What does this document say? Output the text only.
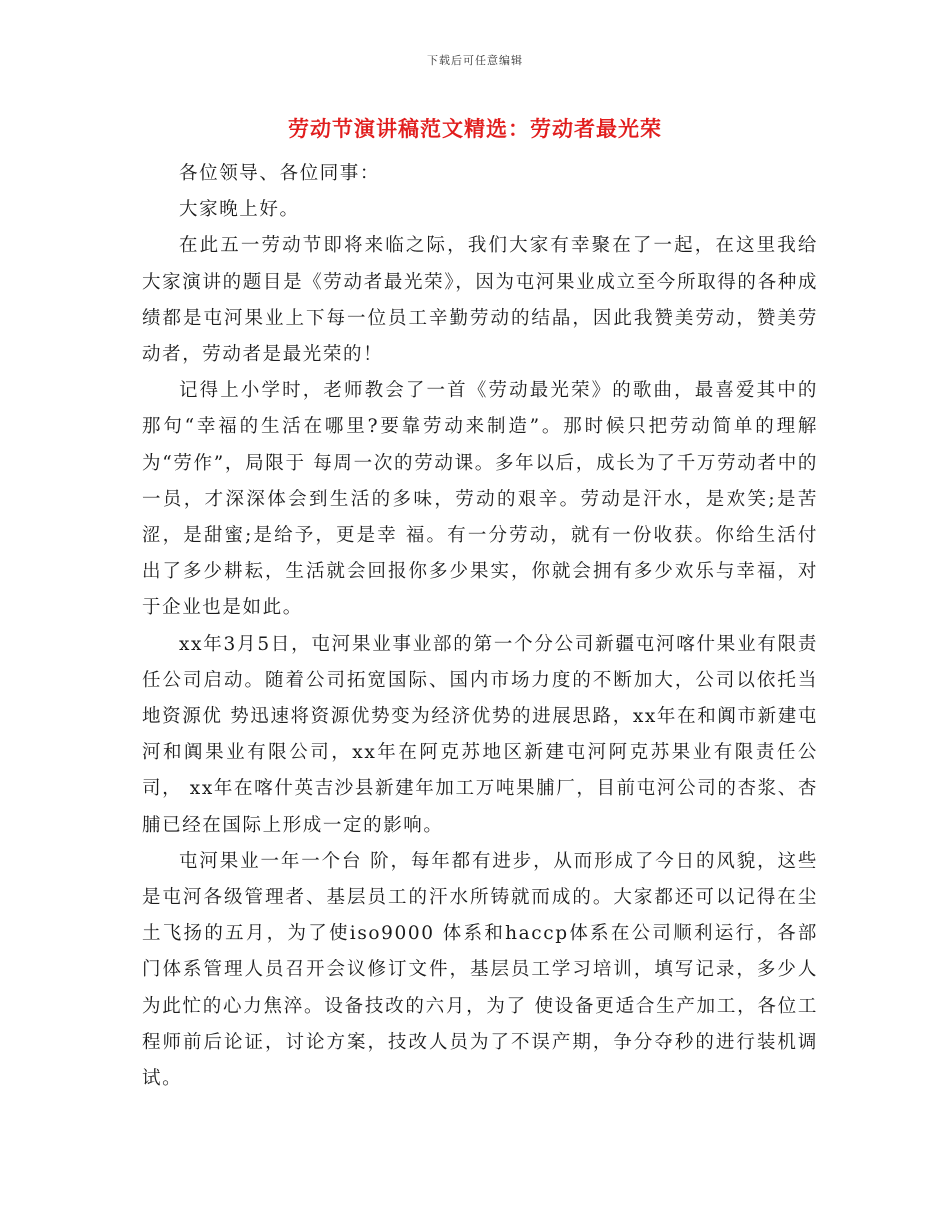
下载后可任意编辑
劳动节演讲稿范文精选：劳动者最光荣

各位领导、各位同事：

大家晚上好。

在此五一劳动节即将来临之际，我们大家有幸聚在了一起，在这里我给大家演讲的题目是《劳动者最光荣》，因为屯河果业成立至今所取得的各种成绩都是屯河果业上下每一位员工辛勤劳动的结晶，因此我赞美劳动，赞美劳动者，劳动者是最光荣的！

记得上小学时，老师教会了一首《劳动最光荣》的歌曲，最喜爱其中的那句“幸福的生活在哪里?要靠劳动来制造”。那时候只把劳动简单的理解为“劳作”，局限于 每周一次的劳动课。多年以后，成长为了千万劳动者中的一员，才深深体会到生活的多味，劳动的艰辛。劳动是汗水，是欢笑;是苦涩，是甜蜜;是给予，更是幸 福。有一分劳动，就有一份收获。你给生活付出了多少耕耘，生活就会回报你多少果实，你就会拥有多少欢乐与幸福，对于企业也是如此。

xx年3月5日，屯河果业事业部的第一个分公司新疆屯河喀什果业有限责任公司启动。随着公司拓宽国际、国内市场力度的不断加大，公司以依托当地资源优 势迅速将资源优势变为经济优势的进展思路，xx年在和阗市新建屯河和阗果业有限公司，xx年在阿克苏地区新建屯河阿克苏果业有限责任公司， xx年在喀什英吉沙县新建年加工万吨果脯厂，目前屯河公司的杏浆、杏脯已经在国际上形成一定的影响。

屯河果业一年一个台 阶，每年都有进步，从而形成了今日的风貌，这些是屯河各级管理者、基层员工的汗水所铸就而成的。大家都还可以记得在尘土飞扬的五月，为了使iso9000 体系和haccp体系在公司顺利运行，各部门体系管理人员召开会议修订文件，基层员工学习培训，填写记录，多少人为此忙的心力焦淬。设备技改的六月，为了 使设备更适合生产加工，各位工程师前后论证，讨论方案，技改人员为了不误产期，争分夺秒的进行装机调试。
